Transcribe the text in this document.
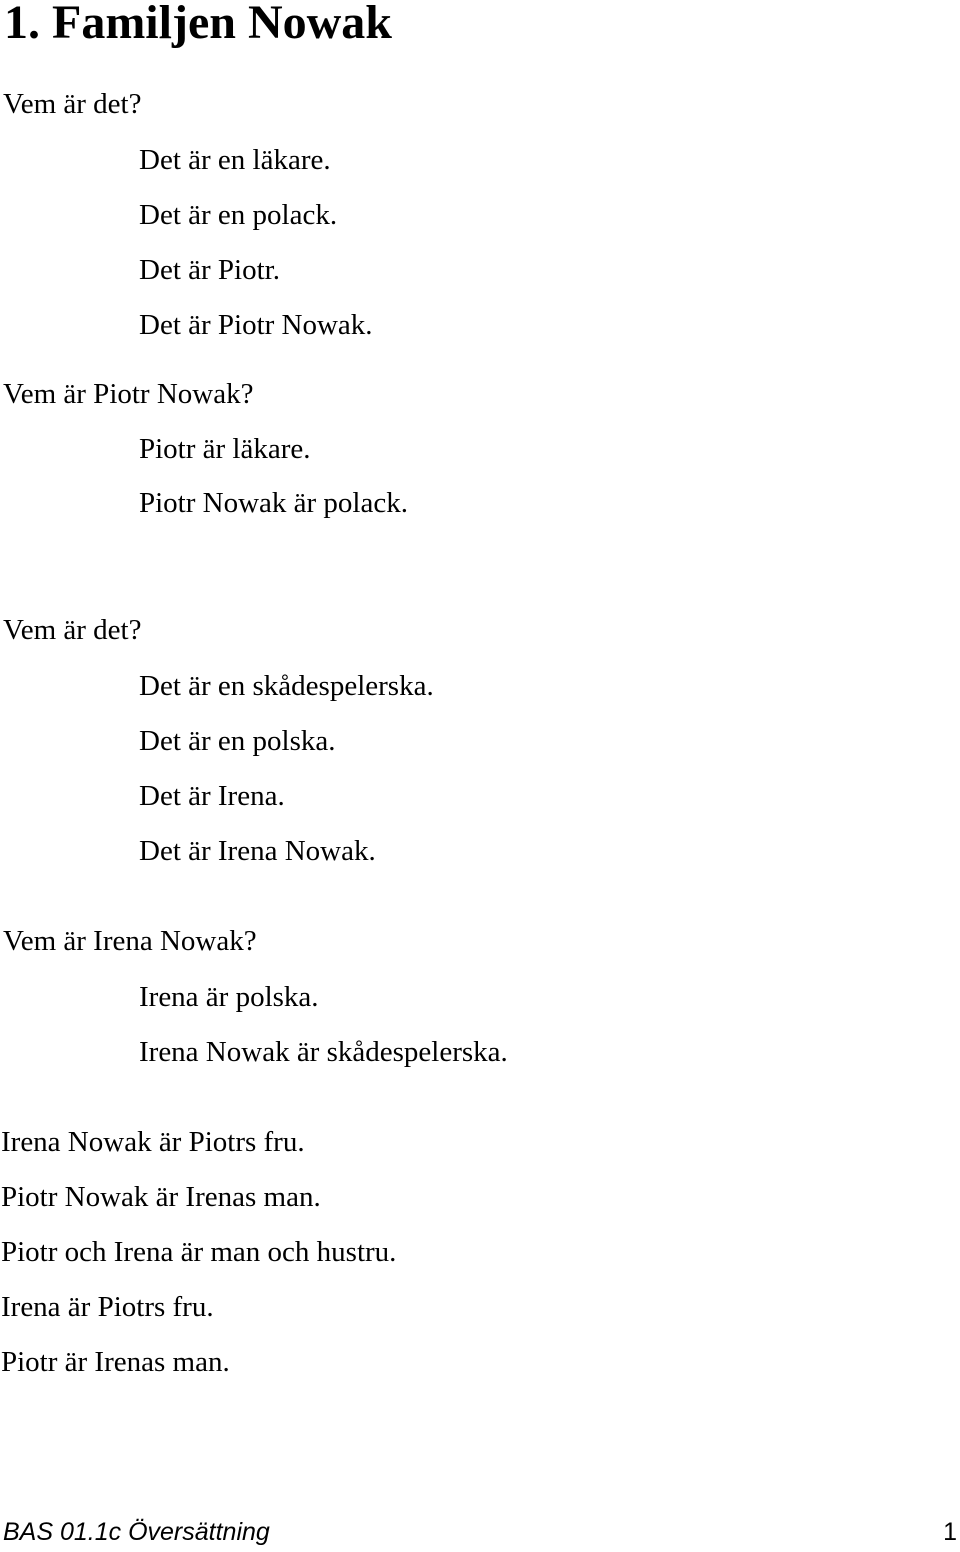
1. Familjen Nowak
Vem är det?
Det är en läkare.
Det är en polack.
Det är Piotr.
Det är Piotr Nowak.
Vem är Piotr Nowak?
Piotr är läkare.
Piotr Nowak är polack.
Vem är det?
Det är en skådespelerska.
Det är en polska.
Det är Irena.
Det är Irena Nowak.
Vem är Irena Nowak?
Irena är polska.
Irena Nowak är skådespelerska.
Irena Nowak är Piotrs fru.
Piotr Nowak är Irenas man.
Piotr och Irena är man och hustru.
Irena är Piotrs fru.
Piotr är Irenas man.
BAS 01.1c Översättning	1
